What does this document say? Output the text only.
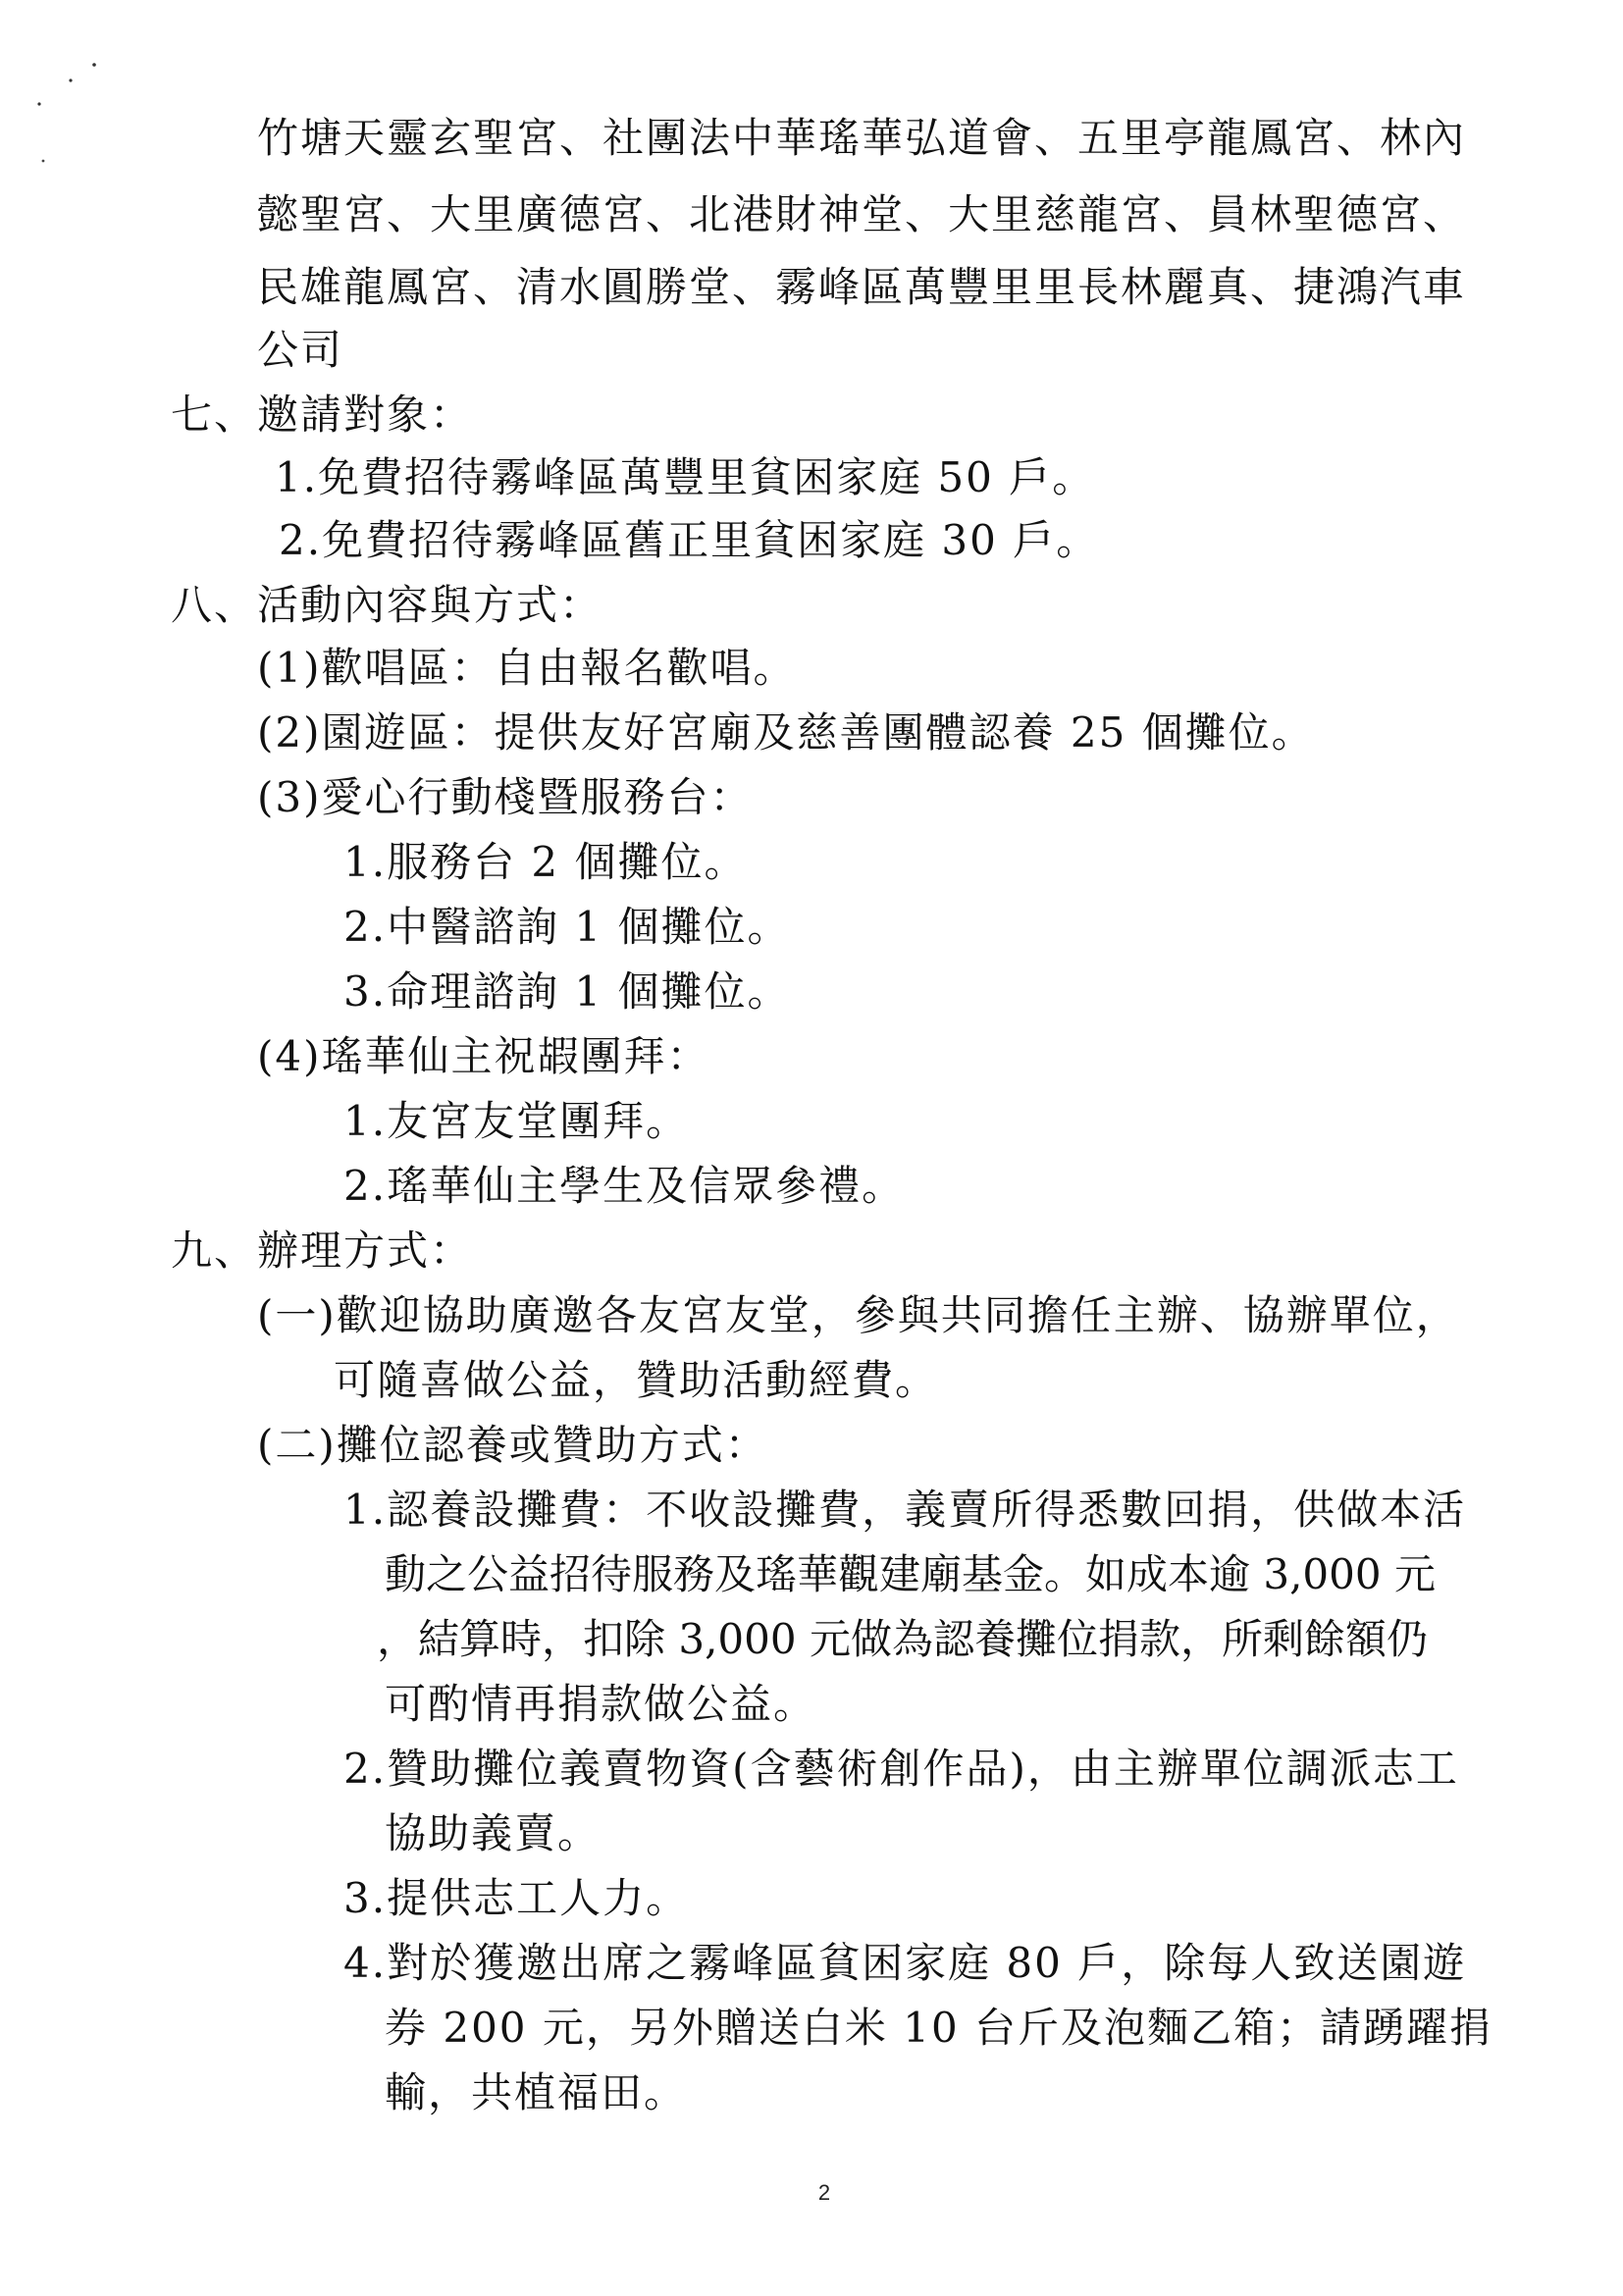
竹塘天靈玄聖宮、社團法中華瑤華弘道會、五里亭龍鳳宮、林內
懿聖宮、大里廣德宮、北港財神堂、大里慈龍宮、員林聖德宮、
民雄龍鳳宮、清水圓勝堂、霧峰區萬豐里里長林麗真、捷鴻汽車
公司
七、邀請對象：
1.免費招待霧峰區萬豐里貧困家庭 50 戶。
2.免費招待霧峰區舊正里貧困家庭 30 戶。
八、活動內容與方式：
(1)歡唱區：自由報名歡唱。
(2)園遊區：提供友好宮廟及慈善團體認養 25 個攤位。
(3)愛心行動棧暨服務台：
1.服務台 2 個攤位。
2.中醫諮詢 1 個攤位。
3.命理諮詢 1 個攤位。
(4)瑤華仙主祝嘏團拜：
1.友宮友堂團拜。
2.瑤華仙主學生及信眾參禮。
九、辦理方式：
(一)歡迎協助廣邀各友宮友堂，參與共同擔任主辦、協辦單位，
可隨喜做公益，贊助活動經費。
(二)攤位認養或贊助方式：
1.認養設攤費：不收設攤費，義賣所得悉數回捐，供做本活
動之公益招待服務及瑤華觀建廟基金。如成本逾 3,000 元
，結算時，扣除 3,000 元做為認養攤位捐款，所剩餘額仍
可酌情再捐款做公益。
2.贊助攤位義賣物資(含藝術創作品)，由主辦單位調派志工
協助義賣。
3.提供志工人力。
4.對於獲邀出席之霧峰區貧困家庭 80 戶，除每人致送園遊
券 200 元，另外贈送白米 10 台斤及泡麵乙箱；請踴躍捐
輸，共植福田。
2
